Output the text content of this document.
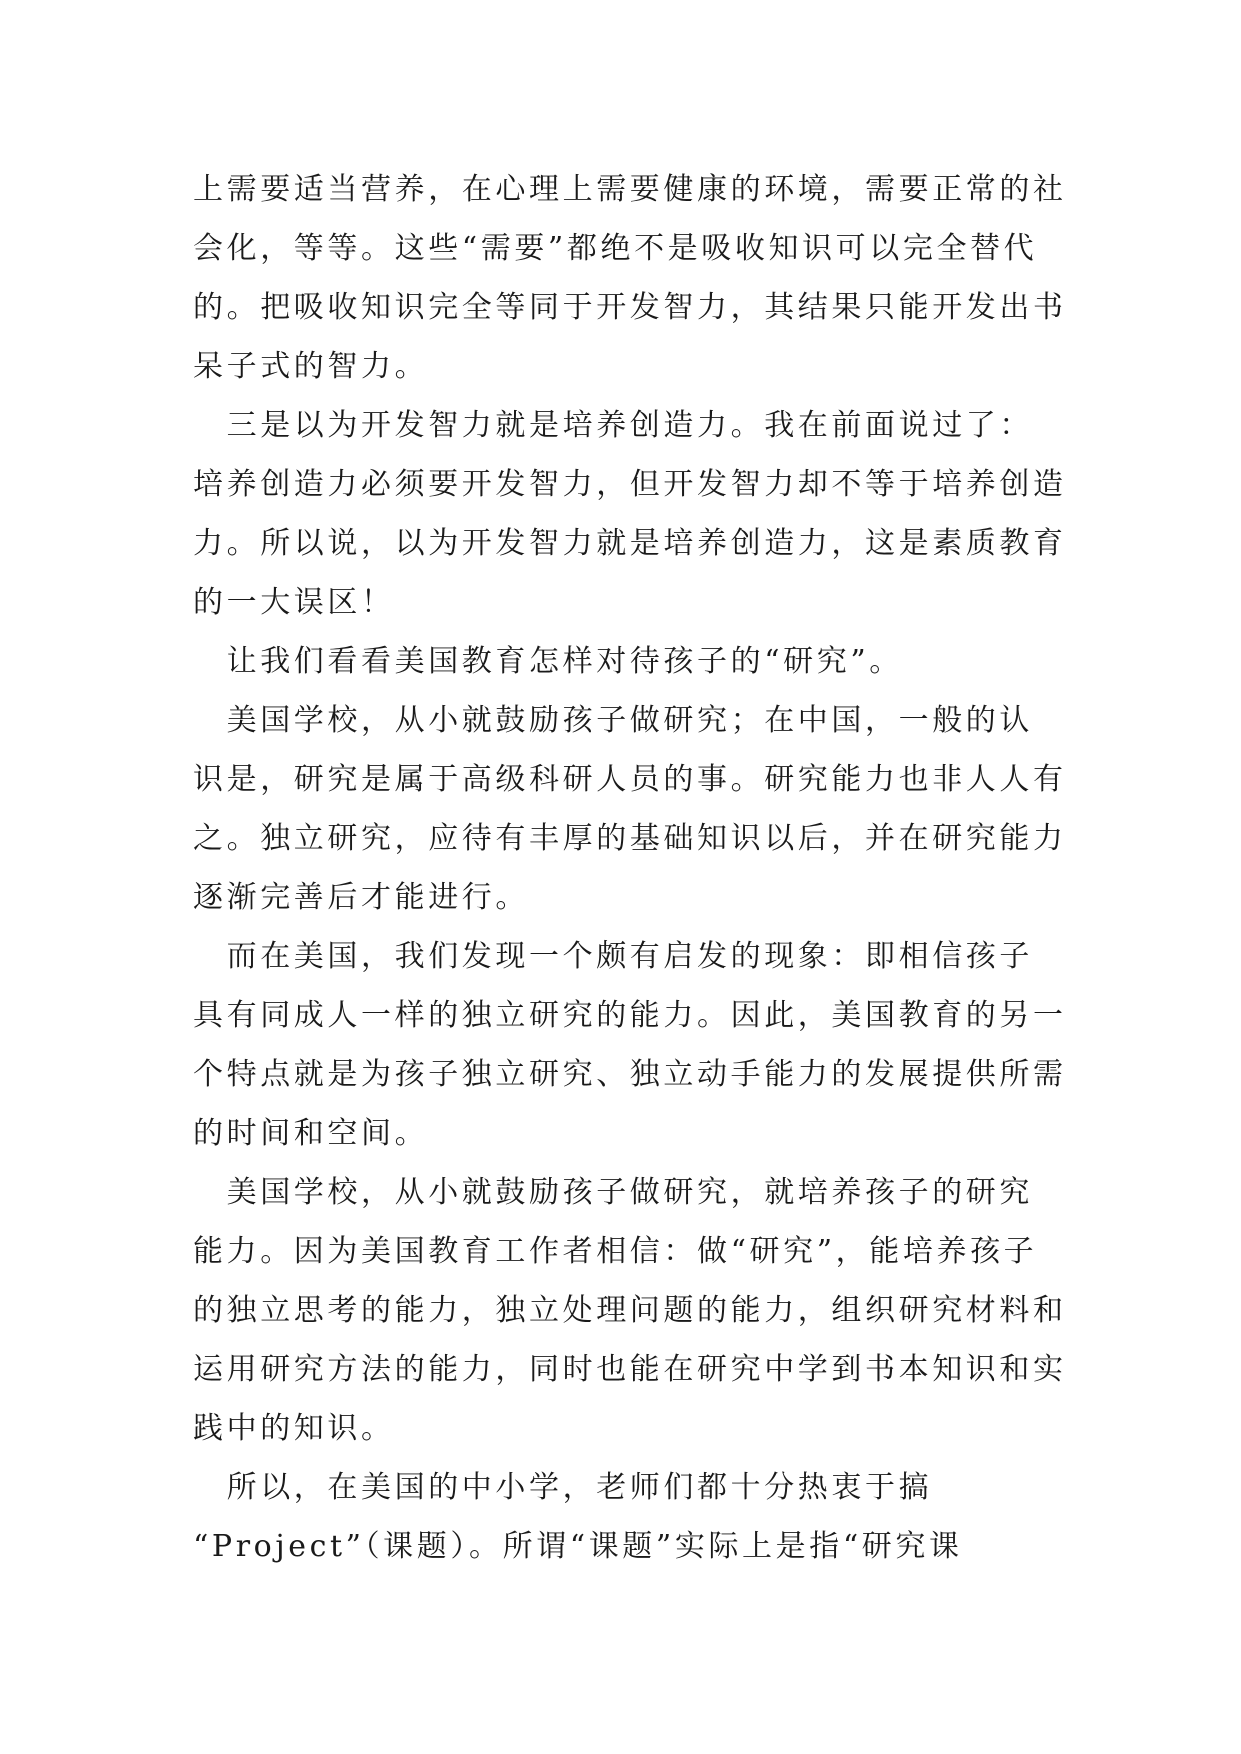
上需要适当营养，在心理上需要健康的环境，需要正常的社
会化，等等。这些“需要”都绝不是吸收知识可以完全替代
的。把吸收知识完全等同于开发智力，其结果只能开发出书
呆子式的智力。
　三是以为开发智力就是培养创造力。我在前面说过了：
培养创造力必须要开发智力，但开发智力却不等于培养创造
力。所以说，以为开发智力就是培养创造力，这是素质教育
的一大误区！
　让我们看看美国教育怎样对待孩子的“研究”。
　美国学校，从小就鼓励孩子做研究；在中国，一般的认
识是，研究是属于高级科研人员的事。研究能力也非人人有
之。独立研究，应待有丰厚的基础知识以后，并在研究能力
逐渐完善后才能进行。
　而在美国，我们发现一个颇有启发的现象：即相信孩子
具有同成人一样的独立研究的能力。因此，美国教育的另一
个特点就是为孩子独立研究、独立动手能力的发展提供所需
的时间和空间。
　美国学校，从小就鼓励孩子做研究，就培养孩子的研究
能力。因为美国教育工作者相信：做“研究”，能培养孩子
的独立思考的能力，独立处理问题的能力，组织研究材料和
运用研究方法的能力，同时也能在研究中学到书本知识和实
践中的知识。
　所以，在美国的中小学，老师们都十分热衷于搞
“Project”（课题）。所谓“课题”实际上是指“研究课
